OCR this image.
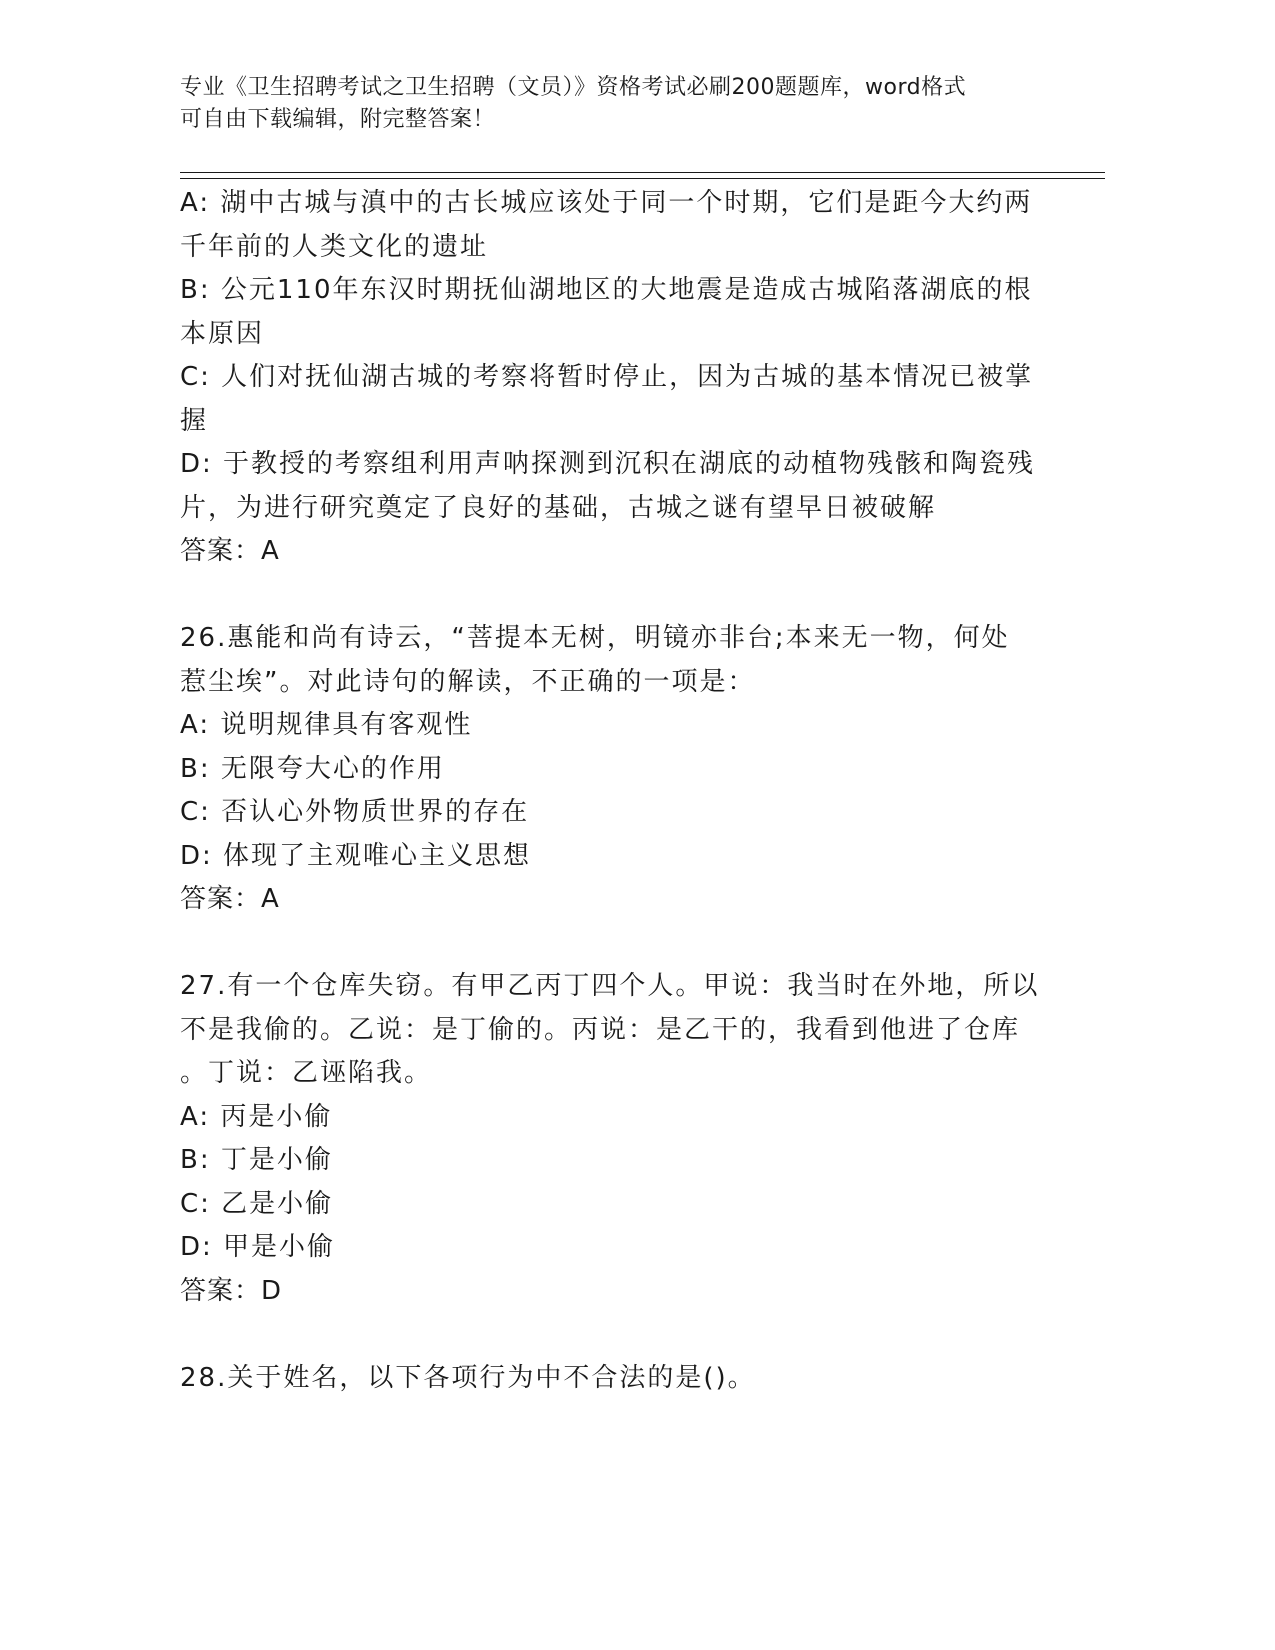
专业《卫生招聘考试之卫生招聘（文员）》资格考试必刷200题题库，word格式
可自由下载编辑，附完整答案！
A: 湖中古城与滇中的古长城应该处于同一个时期，它们是距今大约两
千年前的人类文化的遗址
B: 公元110年东汉时期抚仙湖地区的大地震是造成古城陷落湖底的根
本原因
C: 人们对抚仙湖古城的考察将暂时停止，因为古城的基本情况已被掌
握
D: 于教授的考察组利用声呐探测到沉积在湖底的动植物残骸和陶瓷残
片，为进行研究奠定了良好的基础，古城之谜有望早日被破解
答案：A
26.惠能和尚有诗云，“菩提本无树，明镜亦非台;本来无一物，何处
惹尘埃”。对此诗句的解读，不正确的一项是：
A: 说明规律具有客观性
B: 无限夸大心的作用
C: 否认心外物质世界的存在
D: 体现了主观唯心主义思想
答案：A
27.有一个仓库失窃。有甲乙丙丁四个人。甲说：我当时在外地，所以
不是我偷的。乙说：是丁偷的。丙说：是乙干的，我看到他进了仓库
。丁说：乙诬陷我。
A: 丙是小偷
B: 丁是小偷
C: 乙是小偷
D: 甲是小偷
答案：D
28.关于姓名，以下各项行为中不合法的是()。
